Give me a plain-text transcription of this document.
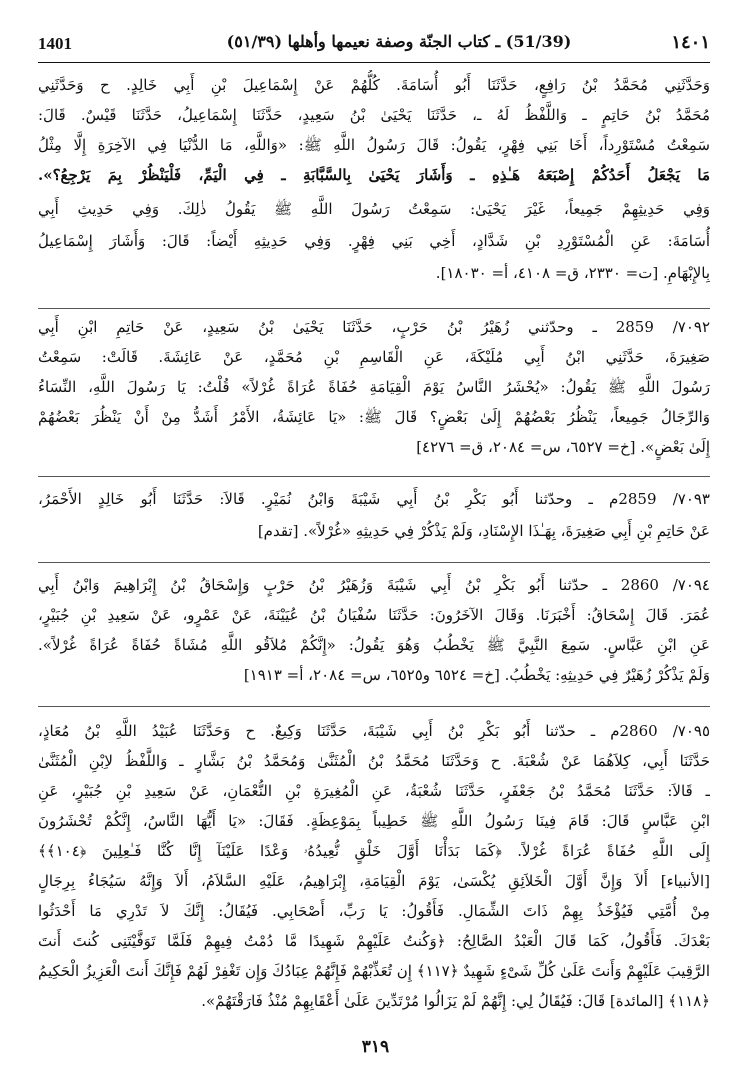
1401	(51/39) ـ كتاب الجنّة وصفة نعيمها وأهلها (٥١/٣٩)	١٤٠١
وَحَدَّثَنِي مُحَمَّدُ بْنُ رَافِعٍ، حَدَّثَنَا أَبُو أُسَامَةَ. كُلُّهُمْ عَنْ إِسْمَاعِيلَ بْنِ أَبِي خَالِدٍ. ح وَحَدَّثَنِي
مُحَمَّدُ بْنُ حَاتِمٍ ـ وَاللَّفْظُ لَهُ ـ، حَدَّثَنَا يَحْيَىٰ بْنُ سَعِيدٍ، حَدَّثَنَا إِسْمَاعِيلُ، حَدَّثَنَا قَيْسٌ. قَالَ:
سَمِعْتُ مُسْتَوْرِداً، أَخَا بَنِي فِهْرٍ، يَقُولُ: قَالَ رَسُولُ اللَّهِ ﷺ: «وَاللَّهِ، مَا الدُّنْيَا فِي الآخِرَةِ إِلَّا مِثْلُ
مَا يَجْعَلُ أَحَدُكُمْ إِصْبَعَهُ هَـٰذِهِ ـ وَأَشَارَ يَحْيَىٰ بِالسَّبَّابَةِ ـ فِي الْيَمِّ، فَلْيَنْظُرْ بِمَ يَرْجِعُ؟».
وَفِي حَدِيثِهِمْ جَمِيعاً، غَيْرَ يَحْيَىٰ: سَمِعْتُ رَسُولَ اللَّهِ ﷺ يَقُولُ ذٰلِكَ. وَفِي حَدِيثِ أَبِي
أُسَامَةَ: عَنِ الْمُسْتَوْرِدِ بْنِ شَدَّادٍ، أَخِي بَنِي فِهْرٍ. وَفِي حَدِيثِهِ أَيْضاً: قَالَ: وَأَشَارَ إِسْمَاعِيلُ
بِالإِبْهَامِ. [ت= ٢٣٣٠، ق= ٤١٠٨، أ= ١٨٠٣٠].
٧٠٩٢/ 2859 ـ وحدّثني زُهَيْرُ بْنُ حَرْبٍ، حَدَّثَنَا يَحْيَىٰ بْنُ سَعِيدٍ، عَنْ حَاتِمِ ابْنِ أَبِي
صَغِيرَةَ، حَدَّثَنِي ابْنُ أَبِي مُلَيْكَةَ، عَنِ الْقَاسِمِ بْنِ مُحَمَّدٍ، عَنْ عَائِشَةَ. قَالَتْ: سَمِعْتُ
رَسُولَ اللَّهِ ﷺ يَقُولُ: «يُحْشَرُ النَّاسُ يَوْمَ الْقِيَامَةِ حُفَاةً عُرَاةً غُرْلاً» قُلْتُ: يَا رَسُولَ اللَّهِ، النِّسَاءُ
وَالرِّجَالُ جَمِيعاً، يَنْظُرُ بَعْضُهُمْ إِلَىٰ بَعْضٍ؟ قَالَ ﷺ: «يَا عَائِشَةُ، الأَمْرُ أَشَدُّ مِنْ أَنْ يَنْظُرَ بَعْضُهُمْ
إِلَىٰ بَعْضٍ». [خ= ٦٥٢٧، س= ٢٠٨٤، ق= ٤٢٧٦]
٧٠٩٣/ 2859م ـ وحدّثنا أَبُو بَكْرِ بْنُ أَبِي شَيْبَةَ وَابْنُ نُمَيْرٍ. قَالاَ: حَدَّثَنَا أَبُو خَالِدٍ الأَحْمَرُ،
عَنْ حَاتِمِ بْنِ أَبِي صَغِيرَةَ، بِهَـٰذَا الإِسْنَادِ، وَلَمْ يَذْكُرْ فِي حَدِيثِهِ «غُرْلاً». [تقدم]
٧٠٩٤/ 2860 ـ حدّثنا أَبُو بَكْرِ بْنُ أَبِي شَيْبَةَ وَزُهَيْرُ بْنُ حَرْبٍ وَإِسْحَاقُ بْنُ إِبْرَاهِيمَ وَابْنُ أَبِي
عُمَرَ. قَالَ إِسْحَاقُ: أَخْبَرَنَا. وَقَالَ الآخَرُونَ: حَدَّثَنَا سُفْيَانُ بْنُ عُيَيْنَةَ، عَنْ عَمْرٍو، عَنْ سَعِيدِ بْنِ جُبَيْرٍ،
عَنِ ابْنِ عَبَّاسٍ. سَمِعَ النَّبِيَّ ﷺ يَخْطُبُ وَهُوَ يَقُولُ: «إِنَّكُمْ مُلاَقُو اللَّهِ مُشَاةً حُفَاةً عُرَاةً غُرْلاً».
وَلَمْ يَذْكُرْ زُهَيْرٌ فِي حَدِيثِهِ: يَخْطُبُ. [خ= ٦٥٢٤ و٦٥٢٥، س= ٢٠٨٤، أ= ١٩١٣]
٧٠٩٥/ 2860م ـ حدّثنا أَبُو بَكْرِ بْنُ أَبِي شَيْبَةَ، حَدَّثَنَا وَكِيعٌ. ح وَحَدَّثَنَا عُبَيْدُ اللَّهِ بْنُ مُعَاذٍ،
حَدَّثَنَا أَبِي، كِلاَهُمَا عَنْ شُعْبَةَ. ح وَحَدَّثَنَا مُحَمَّدُ بْنُ الْمُثَنَّىٰ وَمُحَمَّدُ بْنُ بَشَّارٍ ـ وَاللَّفْظُ لاِبْنِ الْمُثَنَّىٰ
ـ قَالاَ: حَدَّثَنَا مُحَمَّدُ بْنُ جَعْفَرٍ، حَدَّثَنَا شُعْبَةُ، عَنِ الْمُغِيرَةِ بْنِ النُّعْمَانِ، عَنْ سَعِيدِ بْنِ جُبَيْرٍ، عَنِ
ابْنِ عَبَّاسٍ قَالَ: قَامَ فِينَا رَسُولُ اللَّهِ ﷺ خَطِيباً بِمَوْعِظَةٍ. فَقَالَ: «يَا أَيُّهَا النَّاسُ، إِنَّكُمْ تُحْشَرُونَ
إِلَى اللَّهِ حُفَاةً عُرَاةً غُرْلاً. ﴿كَمَا بَدَأْنَا أَوَّلَ خَلْقٍ نُّعِيدُهُۥ وَعْدًا عَلَيْنَآ إِنَّا كُنَّا فَـٰعِلِينَ ﴿١٠٤﴾﴾
[الأنبياء] أَلاَ وَإِنَّ أَوَّلَ الْخَلاَئِقِ يُكْسَىٰ، يَوْمَ الْقِيَامَةِ، إِبْرَاهِيمُ، عَلَيْهِ السَّلاَمُ، أَلاَ وَإِنَّهُ سَيُجَاءُ بِرِجَالٍ
مِنْ أُمَّتِي فَيُؤْخَذُ بِهِمْ ذَاتَ الشِّمَالِ. فَأَقُولُ: يَا رَبِّ، أَصْحَابِي. فَيُقَالُ: إِنَّكَ لاَ تَدْرِي مَا أَحْدَثُوا
بَعْدَكَ. فَأَقُولُ، كَمَا قَالَ الْعَبْدُ الصَّالِحُ: ﴿وَكُنتُ عَلَيْهِمْ شَهِيدًا مَّا دُمْتُ فِيهِمْ فَلَمَّا تَوَفَّيْتَنِى كُنتَ أَنتَ
الرَّقِيبَ عَلَيْهِمْ وَأَنتَ عَلَىٰ كُلِّ شَىْءٍ شَهِيدٌ ﴿١١٧﴾ إِن تُعَذِّبْهُمْ فَإِنَّهُمْ عِبَادُكَ وَإِن تَغْفِرْ لَهُمْ فَإِنَّكَ أَنتَ الْعَزِيزُ الْحَكِيمُ
﴿١١٨﴾ [المائدة] قَالَ: فَيُقَالُ لِي: إِنَّهُمْ لَمْ يَزَالُوا مُرْتَدِّينَ عَلَىٰ أَعْقَابِهِمْ مُنْذُ فَارَقْتَهُمْ».
٣١٩
